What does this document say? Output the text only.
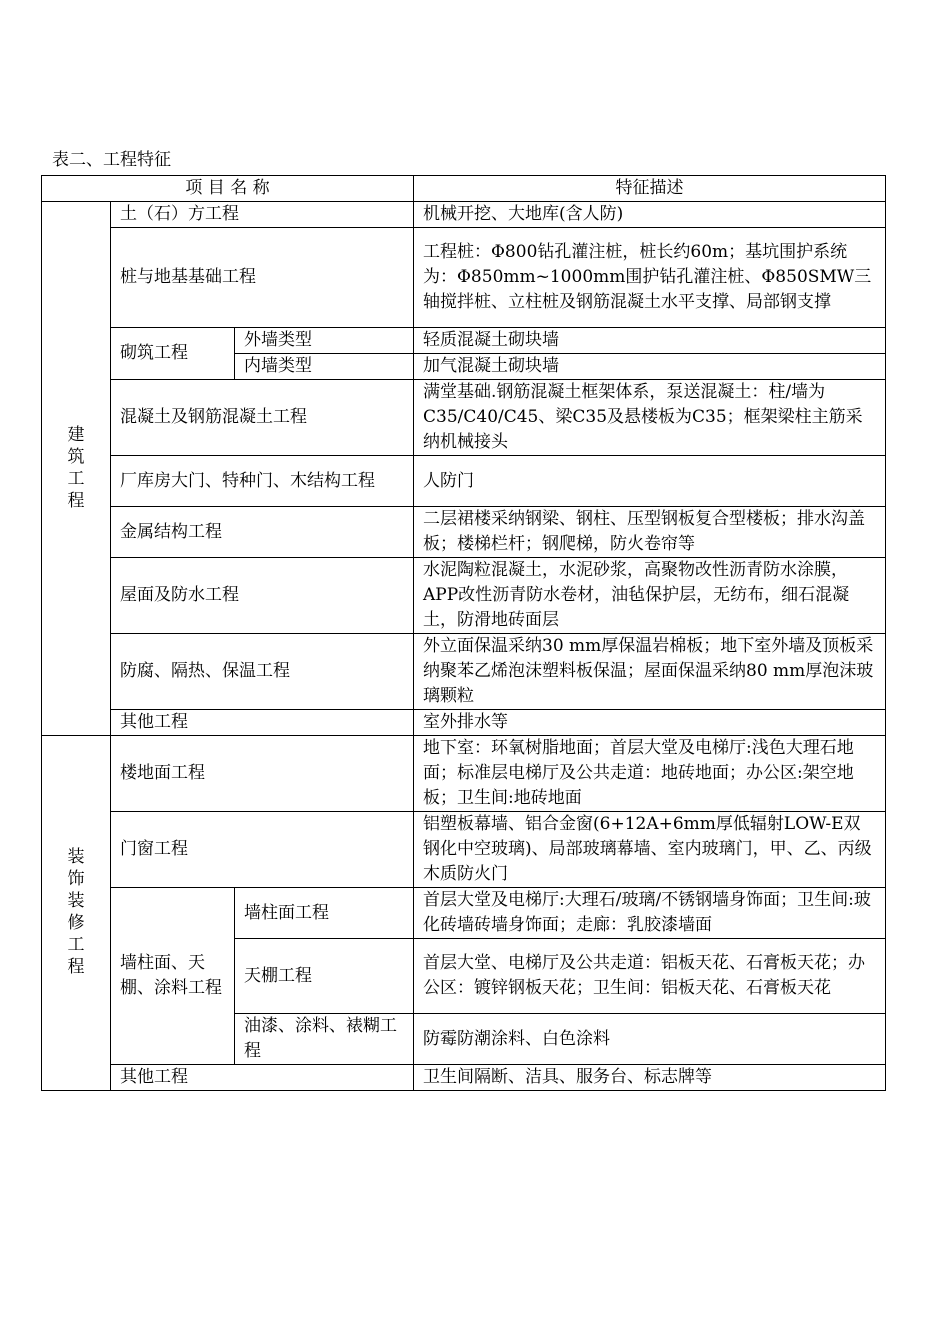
表二、工程特征
项 目 名 称			特征描述
建筑工程	土（石）方工程		机械开挖、大地库(含人防)
	桩与地基基础工程		工程桩：Φ800钻孔灌注桩，桩长约60m；基坑围护系统为：Φ850mm~1000mm围护钻孔灌注桩、Φ850SMW三轴搅拌桩、立柱桩及钢筋混凝土水平支撑、局部钢支撑
	砌筑工程	外墙类型	轻质混凝土砌块墙
		内墙类型	加气混凝土砌块墙
	混凝土及钢筋混凝土工程		满堂基础.钢筋混凝土框架体系，泵送混凝土：柱/墙为C35/C40/C45、梁C35及悬楼板为C35；框架梁柱主筋采纳机械接头
	厂库房大门、特种门、木结构工程		人防门
	金属结构工程		二层裙楼采纳钢梁、钢柱、压型钢板复合型楼板；排水沟盖板；楼梯栏杆；钢爬梯，防火卷帘等
	屋面及防水工程		水泥陶粒混凝土，水泥砂浆，高聚物改性沥青防水涂膜，APP改性沥青防水卷材，油毡保护层，无纺布，细石混凝土，防滑地砖面层
	防腐、隔热、保温工程		外立面保温采纳30 mm厚保温岩棉板；地下室外墙及顶板采纳聚苯乙烯泡沫塑料板保温；屋面保温采纳80 mm厚泡沫玻璃颗粒
	其他工程		室外排水等
装饰装修工程	楼地面工程		地下室：环氧树脂地面；首层大堂及电梯厅:浅色大理石地面；标准层电梯厅及公共走道：地砖地面；办公区:架空地板；卫生间:地砖地面
	门窗工程		铝塑板幕墙、铝合金窗(6+12A+6mm厚低辐射LOW-E双钢化中空玻璃)、局部玻璃幕墙、室内玻璃门，甲、乙、丙级木质防火门
	墙柱面、天棚、涂料工程	墙柱面工程	首层大堂及电梯厅:大理石/玻璃/不锈钢墙身饰面；卫生间:玻化砖墙砖墙身饰面；走廊：乳胶漆墙面
		天棚工程	首层大堂、电梯厅及公共走道：铝板天花、石膏板天花；办公区：镀锌钢板天花；卫生间：铝板天花、石膏板天花
		油漆、涂料、裱糊工程	防霉防潮涂料、白色涂料
	其他工程		卫生间隔断、洁具、服务台、标志牌等
